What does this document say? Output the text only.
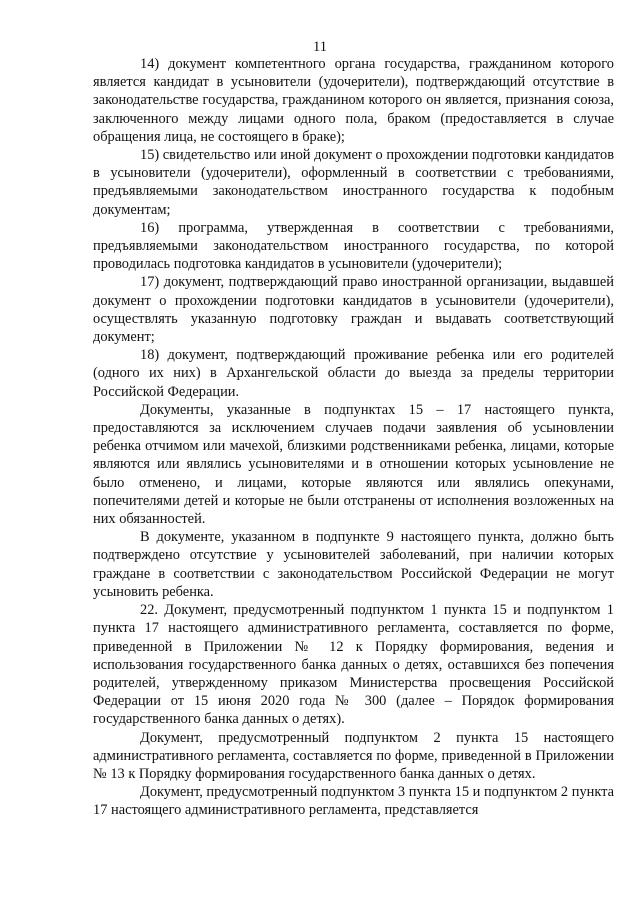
11

14) документ компетентного органа государства, гражданином которого является кандидат в усыновители (удочерители), подтверждающий отсутствие в законодательстве государства, гражданином которого он является, признания союза, заключенного между лицами одного пола, браком (предоставляется в случае обращения лица, не состоящего в браке);

15) свидетельство или иной документ о прохождении подготовки кандидатов в усыновители (удочерители), оформленный в соответствии с требованиями, предъявляемыми законодательством иностранного государства к подобным документам;

16) программа, утвержденная в соответствии с требованиями, предъявляемыми законодательством иностранного государства, по которой проводилась подготовка кандидатов в усыновители (удочерители);

17) документ, подтверждающий право иностранной организации, выдавшей документ о прохождении подготовки кандидатов в усыновители (удочерители), осуществлять указанную подготовку граждан и выдавать соответствующий документ;

18) документ, подтверждающий проживание ребенка или его родителей (одного их них) в Архангельской области до выезда за пределы территории Российской Федерации.

Документы, указанные в подпунктах 15 – 17 настоящего пункта, предоставляются за исключением случаев подачи заявления об усыновлении ребенка отчимом или мачехой, близкими родственниками ребенка, лицами, которые являются или являлись усыновителями и в отношении которых усыновление не было отменено, и лицами, которые являются или являлись опекунами, попечителями детей и которые не были отстранены от исполнения возложенных на них обязанностей.

В документе, указанном в подпункте 9 настоящего пункта, должно быть подтверждено отсутствие у усыновителей заболеваний, при наличии которых граждане в соответствии с законодательством Российской Федерации не могут усыновить ребенка.

22. Документ, предусмотренный подпунктом 1 пункта 15 и подпунктом 1 пункта 17 настоящего административного регламента, составляется по форме, приведенной в Приложении № 12 к Порядку формирования, ведения и использования государственного банка данных о детях, оставшихся без попечения родителей, утвержденному приказом Министерства просвещения Российской Федерации от 15 июня 2020 года № 300 (далее – Порядок формирования государственного банка данных о детях).

Документ, предусмотренный подпунктом 2 пункта 15 настоящего административного регламента, составляется по форме, приведенной в Приложении № 13 к Порядку формирования государственного банка данных о детях.

Документ, предусмотренный подпунктом 3 пункта 15 и подпунктом 2 пункта 17 настоящего административного регламента, представляется
